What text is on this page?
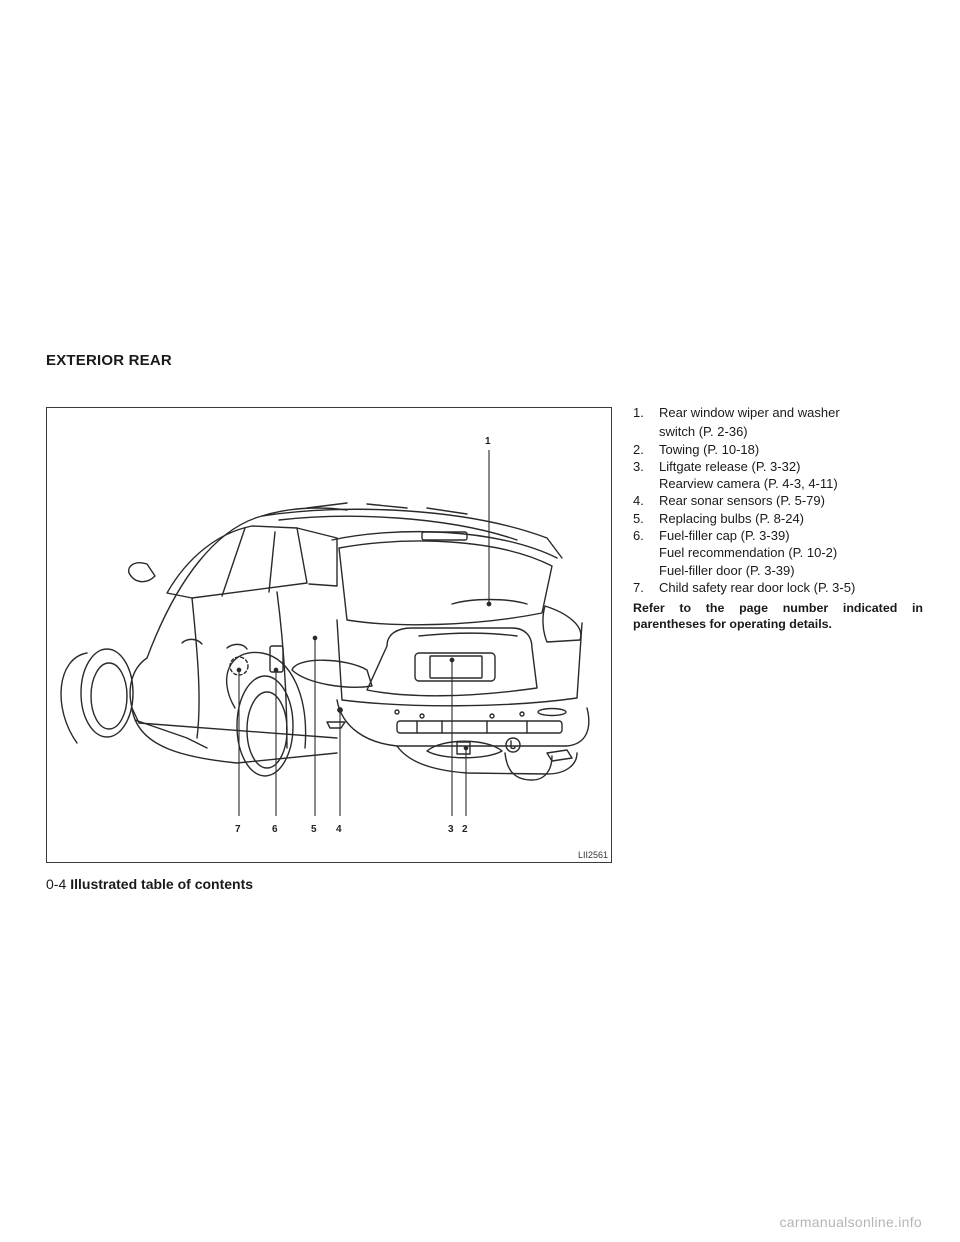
EXTERIOR REAR
1
7	6	5 4	3 2
LII2561
1. Rear window wiper and washer
switch (P. 2-36)
2. Towing (P. 10-18)
3. Liftgate release (P. 3-32)
Rearview camera (P. 4-3, 4-11)
4. Rear sonar sensors (P. 5-79)
5. Replacing bulbs (P. 8-24)
6. Fuel-filler cap (P. 3-39)
Fuel recommendation (P. 10-2)
Fuel-filler door (P. 3-39)
7. Child safety rear door lock (P. 3-5)
Refer to the page number indicated in parentheses for operating details.
0-4 Illustrated table of contents
carmanualsonline.info
